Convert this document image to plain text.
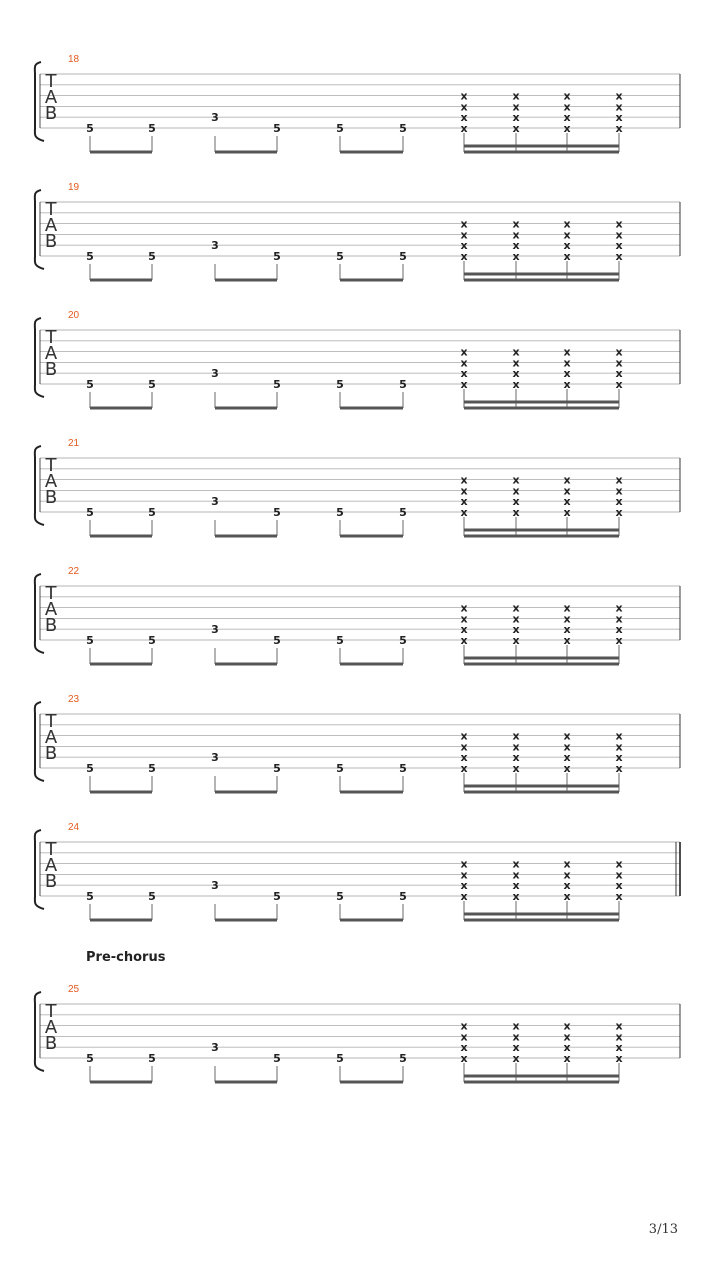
18
T
A
B
5	5
3
5	5	5
x
x
x
x
x
x
x
x
x
x
x
x
x
x
x
x
19
T
A
B
5	5
3
5	5	5
x
x
x
x
x
x
x
x
x
x
x
x
x
x
x
x
20
T
A
B
5	5
3
5	5	5
x
x
x
x
x
x
x
x
x
x
x
x
x
x
x
x
21
T
A
B
5	5
3
5	5	5
x
x
x
x
x
x
x
x
x
x
x
x
x
x
x
x
22
T
A
B
5	5
3
5	5	5
x
x
x
x
x
x
x
x
x
x
x
x
x
x
x
x
23
T
A
B
5	5
3
5	5	5
x
x
x
x
x
x
x
x
x
x
x
x
x
x
x
x
24
T
A
B
5	5
3
5	5	5
x
x
x
x
x
x
x
x
x
x
x
x
x
x
x
x
25
T
A
B
5	5
3
5	5	5
x
x
x
x
x
x
x
x
x
x
x
x
x
x
x
x
Pre-chorus
3/13
